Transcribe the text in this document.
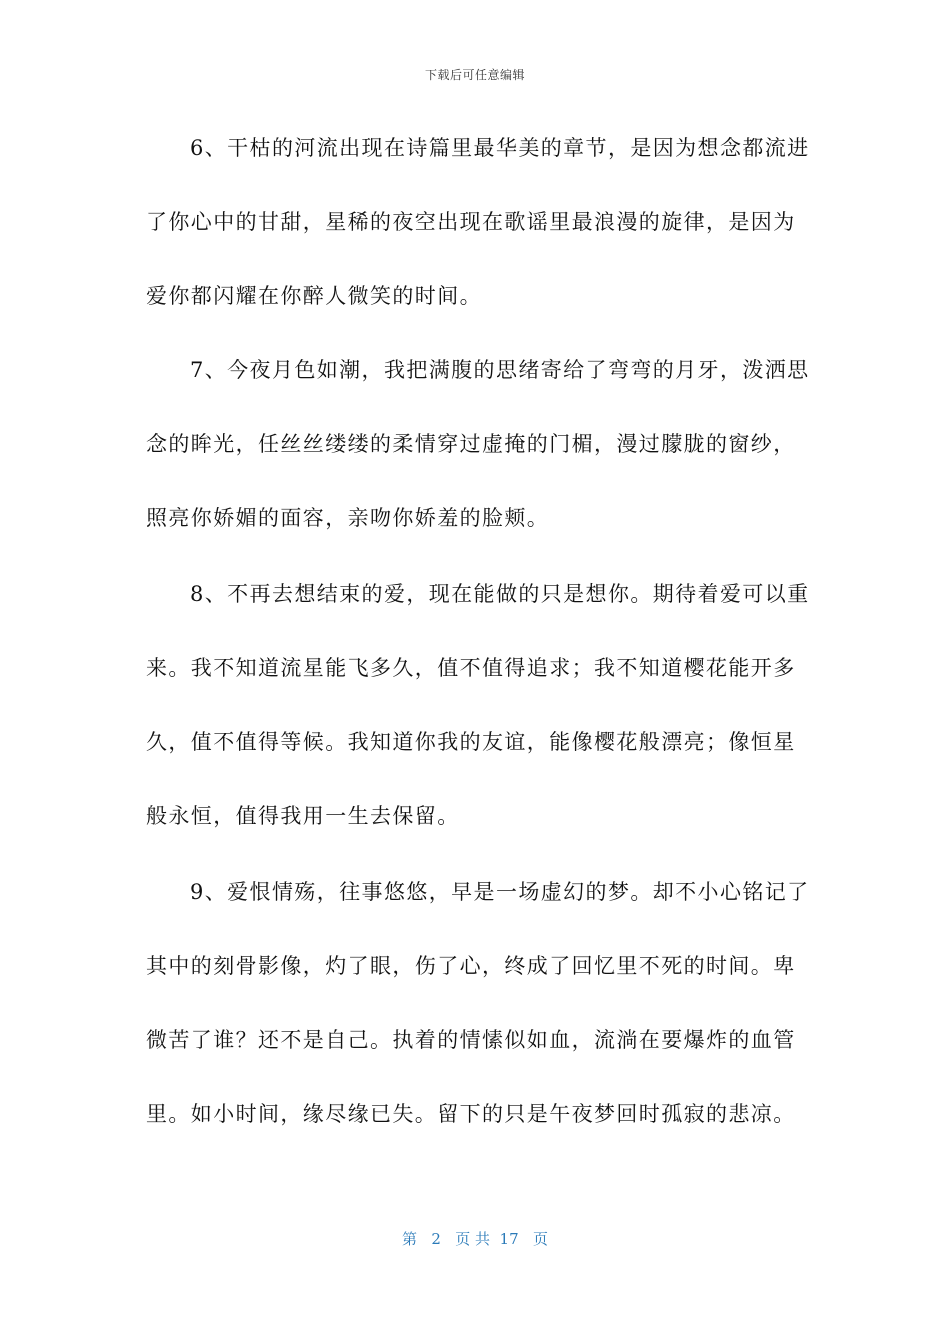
下载后可任意编辑
6、干枯的河流出现在诗篇里最华美的章节，是因为想念都流进
了你心中的甘甜，星稀的夜空出现在歌谣里最浪漫的旋律，是因为
爱你都闪耀在你醉人微笑的时间。
7、今夜月色如潮，我把满腹的思绪寄给了弯弯的月牙，泼洒思
念的眸光，任丝丝缕缕的柔情穿过虚掩的门楣，漫过朦胧的窗纱，
照亮你娇媚的面容，亲吻你娇羞的脸颊。
8、不再去想结束的爱，现在能做的只是想你。期待着爱可以重
来。我不知道流星能飞多久，值不值得追求；我不知道樱花能开多
久，值不值得等候。我知道你我的友谊，能像樱花般漂亮；像恒星
般永恒，值得我用一生去保留。
9、爱恨情殇，往事悠悠，早是一场虚幻的梦。却不小心铭记了
其中的刻骨影像，灼了眼，伤了心，终成了回忆里不死的时间。卑
微苦了谁？还不是自己。执着的情愫似如血，流淌在要爆炸的血管
里。如小时间，缘尽缘已失。留下的只是午夜梦回时孤寂的悲凉。
第 2 页 共 17 页
